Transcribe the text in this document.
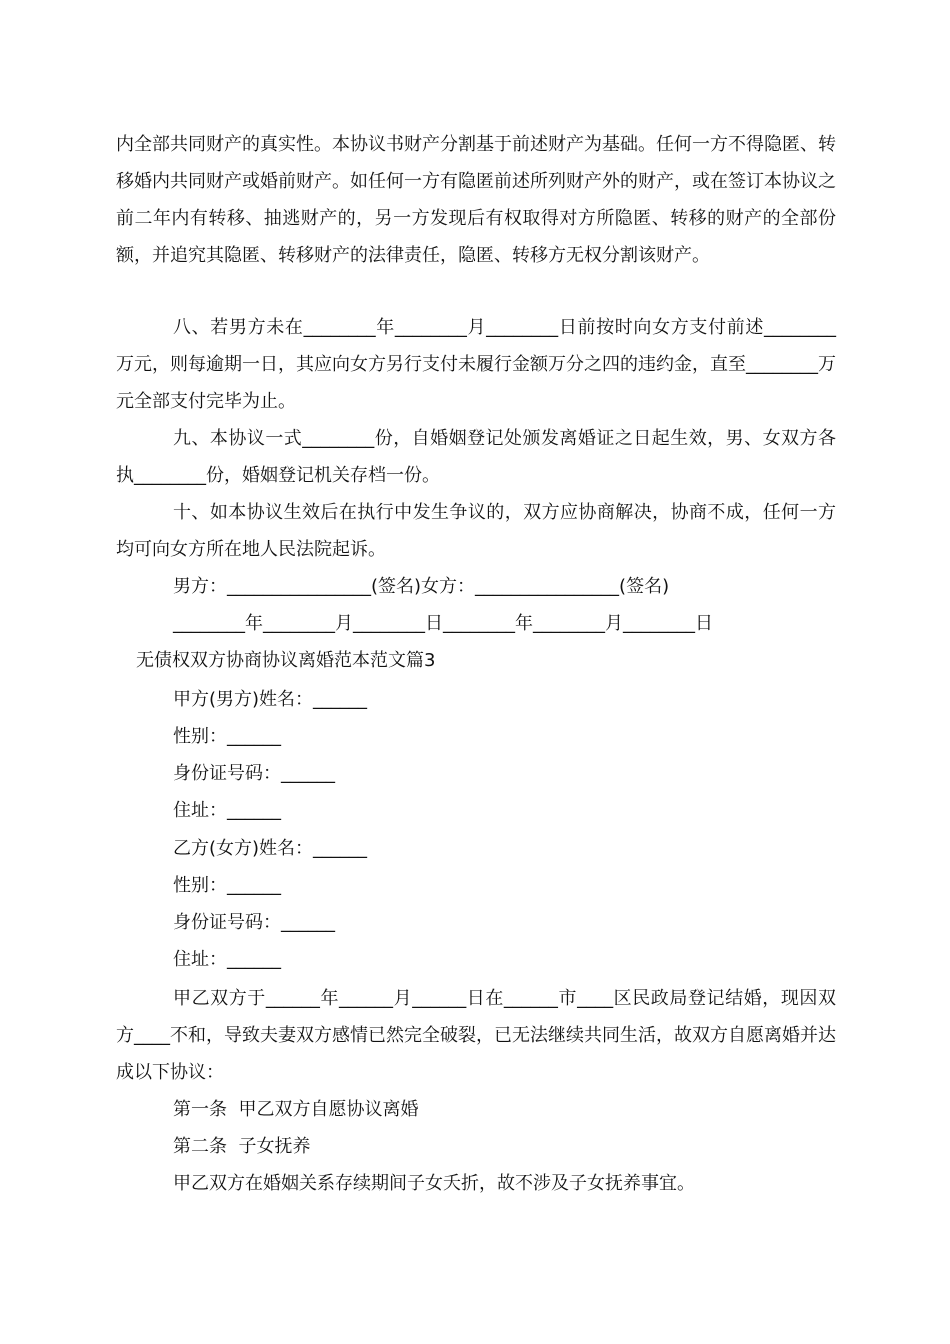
内全部共同财产的真实性。本协议书财产分割基于前述财产为基础。任何一方不得隐匿、转移婚内共同财产或婚前财产。如任何一方有隐匿前述所列财产外的财产，或在签订本协议之前二年内有转移、抽逃财产的，另一方发现后有权取得对方所隐匿、转移的财产的全部份额，并追究其隐匿、转移财产的法律责任，隐匿、转移方无权分割该财产。

八、若男方未在________年________月________日前按时向女方支付前述________万元，则每逾期一日，其应向女方另行支付未履行金额万分之四的违约金，直至________万元全部支付完毕为止。

九、本协议一式________份，自婚姻登记处颁发离婚证之日起生效，男、女双方各执________份，婚姻登记机关存档一份。

十、如本协议生效后在执行中发生争议的，双方应协商解决，协商不成，任何一方均可向女方所在地人民法院起诉。

男方：________________(签名)女方：________________(签名)

________年________月________日________年________月________日

无债权双方协商协议离婚范本范文篇3

甲方(男方)姓名：______

性别：______

身份证号码：______

住址：______

乙方(女方)姓名：______

性别：______

身份证号码：______

住址：______

甲乙双方于______年______月______日在______市____区民政局登记结婚，现因双方____不和，导致夫妻双方感情已然完全破裂，已无法继续共同生活，故双方自愿离婚并达成以下协议：

第一条  甲乙双方自愿协议离婚

第二条  子女抚养

甲乙双方在婚姻关系存续期间子女夭折，故不涉及子女抚养事宜。
